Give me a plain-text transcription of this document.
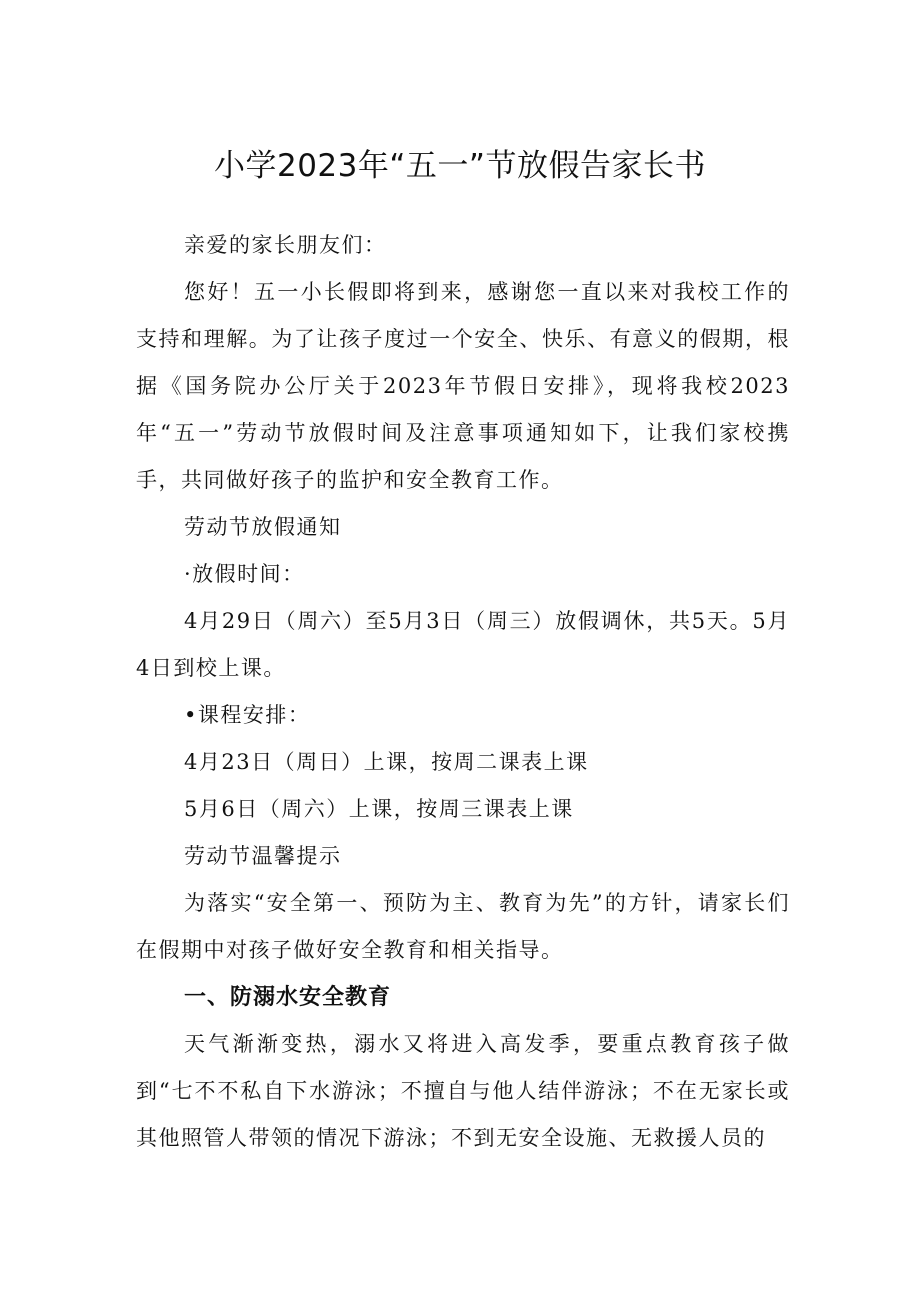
小学2023年“五一”节放假告家长书

亲爱的家长朋友们：

您好！五一小长假即将到来，感谢您一直以来对我校工作的支持和理解。为了让孩子度过一个安全、快乐、有意义的假期，根据《国务院办公厅关于2023年节假日安排》，现将我校2023年“五一”劳动节放假时间及注意事项通知如下，让我们家校携手，共同做好孩子的监护和安全教育工作。

劳动节放假通知

·放假时间：

4月29日（周六）至5月3日（周三）放假调休，共5天。5月4日到校上课。

•课程安排：

4月23日（周日）上课，按周二课表上课

5月6日（周六）上课，按周三课表上课

劳动节温馨提示

为落实“安全第一、预防为主、教育为先”的方针，请家长们在假期中对孩子做好安全教育和相关指导。

一、防溺水安全教育

天气渐渐变热，溺水又将进入高发季，要重点教育孩子做到“七不不私自下水游泳；不擅自与他人结伴游泳；不在无家长或其他照管人带领的情况下游泳；不到无安全设施、无救援人员的
